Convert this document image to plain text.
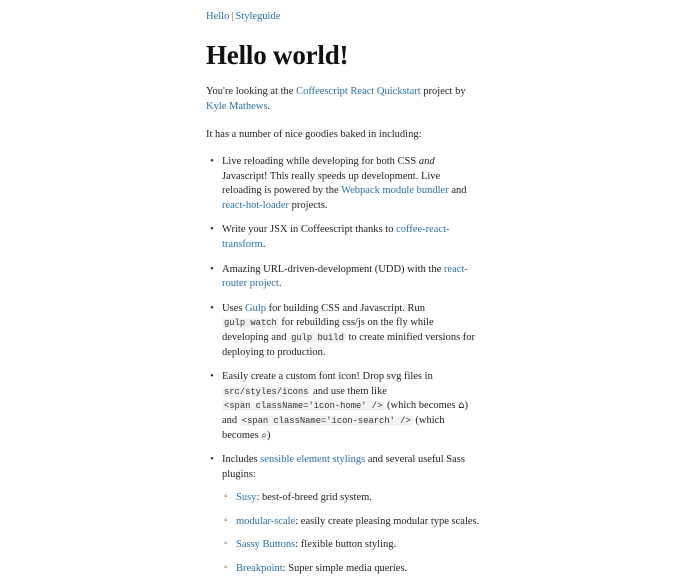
Hello | Styleguide
Hello world!

You're looking at the Coffeescript React Quickstart project by Kyle Mathews.

It has a number of nice goodies baked in including:

• Live reloading while developing for both CSS and Javascript! This really speeds up development. Live reloading is powered by the Webpack module bundler and react-hot-loader projects.
• Write your JSX in Coffeescript thanks to coffee-react-transform.
• Amazing URL-driven-development (UDD) with the react-router project.
• Uses Gulp for building CSS and Javascript. Run gulp watch for rebuilding css/js on the fly while developing and gulp build to create minified versions for deploying to production.
• Easily create a custom font icon! Drop svg files in src/styles/icons and use them like <span className='icon-home' /> (which becomes ⌂) and <span className='icon-search' /> (which becomes ⌕)
• Includes sensible element stylings and several useful Sass plugins:
◦ Susy: best-of-breed grid system.
◦ modular-scale: easily create pleasing modular type scales.
◦ Sassy Buttons: flexible button styling.
◦ Breakpoint: Super simple media queries.
